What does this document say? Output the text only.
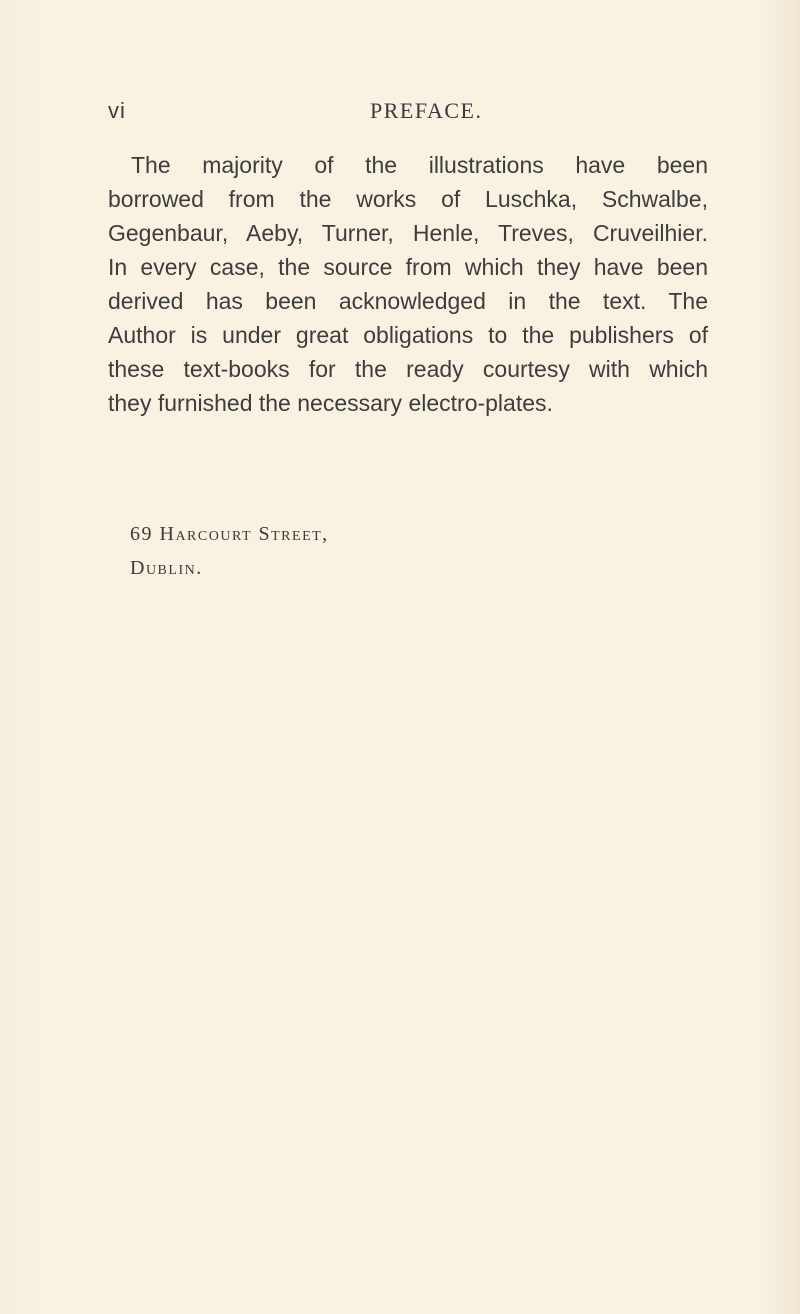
vi	PREFACE.
The majority of the illustrations have been
borrowed from the works of Luschka, Schwalbe,
Gegenbaur, Aeby, Turner, Henle, Treves, Cruveilhier.
In every case, the source from which they have been
derived has been acknowledged in the text. The
Author is under great obligations to the publishers of
these text-books for the ready courtesy with which
they furnished the necessary electro-plates.
69 Harcourt Street,
Dublin.
